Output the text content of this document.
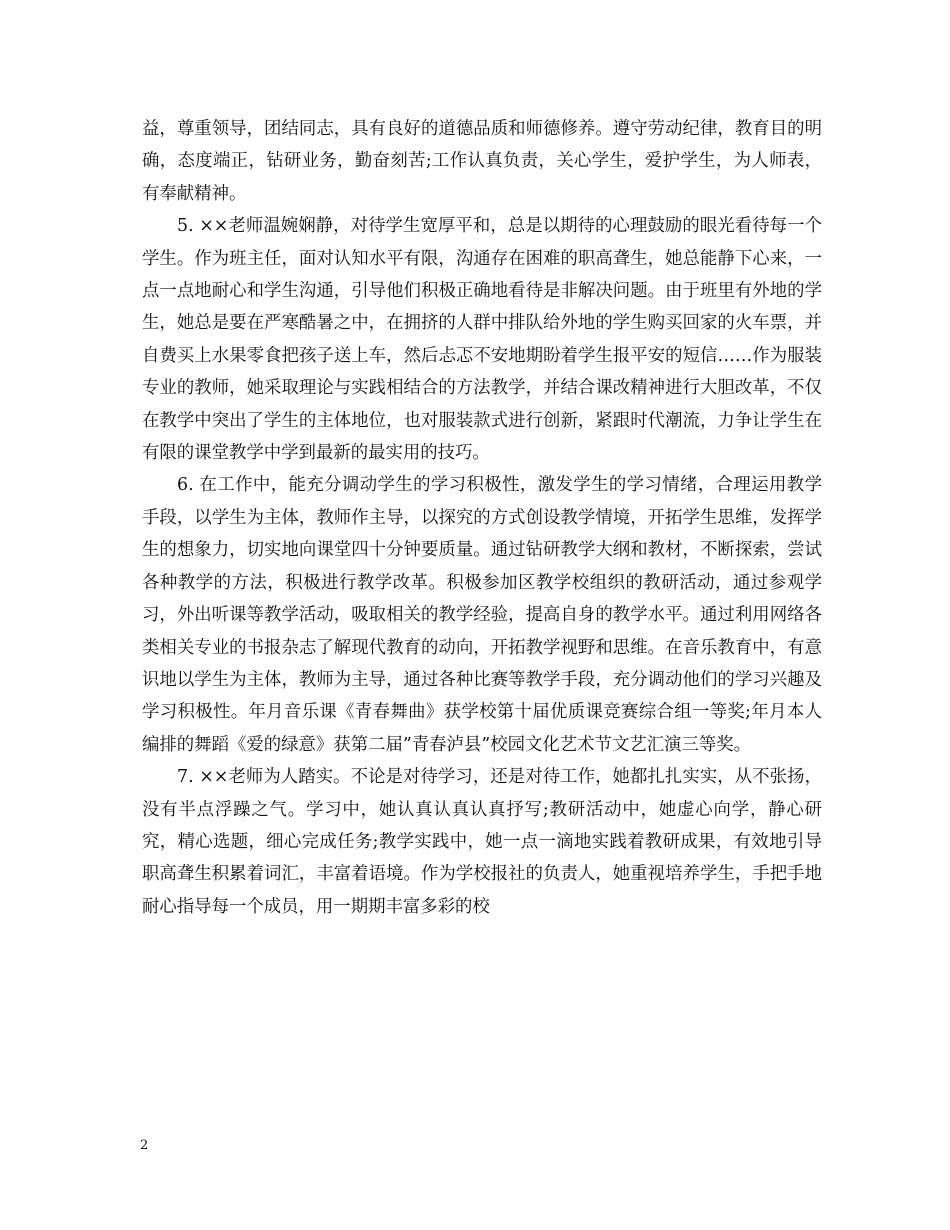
益，尊重领导，团结同志，具有良好的道德品质和师德修养。遵守劳动纪律，教育目的明确，态度端正，钻研业务，勤奋刻苦;工作认真负责，关心学生，爱护学生，为人师表，有奉献精神。

5. ××老师温婉娴静，对待学生宽厚平和，总是以期待的心理鼓励的眼光看待每一个学生。作为班主任，面对认知水平有限，沟通存在困难的职高聋生，她总能静下心来，一点一点地耐心和学生沟通，引导他们积极正确地看待是非解决问题。由于班里有外地的学生，她总是要在严寒酷暑之中，在拥挤的人群中排队给外地的学生购买回家的火车票，并自费买上水果零食把孩子送上车，然后忐忑不安地期盼着学生报平安的短信……作为服装专业的教师，她采取理论与实践相结合的方法教学，并结合课改精神进行大胆改革，不仅在教学中突出了学生的主体地位，也对服装款式进行创新，紧跟时代潮流，力争让学生在有限的课堂教学中学到最新的最实用的技巧。

6. 在工作中，能充分调动学生的学习积极性，激发学生的学习情绪，合理运用教学手段，以学生为主体，教师作主导，以探究的方式创设教学情境，开拓学生思维，发挥学生的想象力，切实地向课堂四十分钟要质量。通过钻研教学大纲和教材，不断探索，尝试各种教学的方法，积极进行教学改革。积极参加区教学校组织的教研活动，通过参观学习，外出听课等教学活动，吸取相关的教学经验，提高自身的教学水平。通过利用网络各类相关专业的书报杂志了解现代教育的动向，开拓教学视野和思维。在音乐教育中，有意识地以学生为主体，教师为主导，通过各种比赛等教学手段，充分调动他们的学习兴趣及学习积极性。年月音乐课《青春舞曲》获学校第十届优质课竞赛综合组一等奖;年月本人编排的舞蹈《爱的绿意》获第二届”青春泸县”校园文化艺术节文艺汇演三等奖。

7. ××老师为人踏实。不论是对待学习，还是对待工作，她都扎扎实实，从不张扬，没有半点浮躁之气。学习中，她认真认真认真抒写;教研活动中，她虚心向学，静心研究，精心选题，细心完成任务;教学实践中，她一点一滴地实践着教研成果，有效地引导职高聋生积累着词汇，丰富着语境。作为学校报社的负责人，她重视培养学生，手把手地耐心指导每一个成员，用一期期丰富多彩的校

2
